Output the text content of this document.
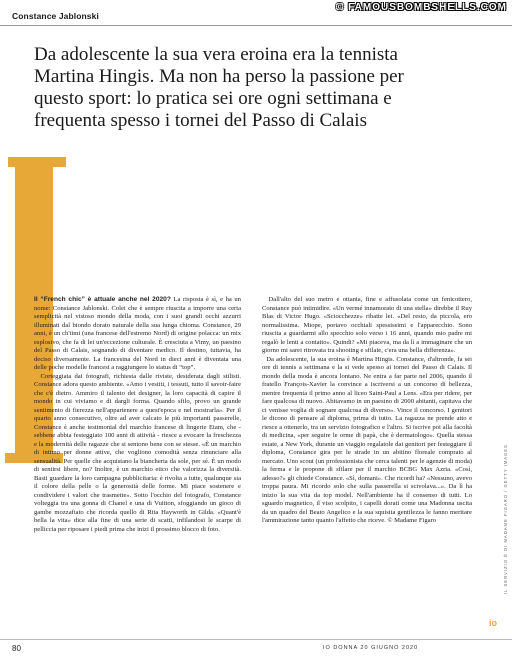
Constance Jablonski
© FAMOUSBOMBSHELLS.COM

Da adolescente la sua vera eroina era la tennista Martina Hingis. Ma non ha perso la passione per questo sport: lo pratica sei ore ogni settimana e frequenta spesso i tornei del Passo di Calais

Il “French chic” è attuale anche nel 2020? La risposta è sì, e ha un nome: Constance Jablonski. Colei che è sempre riuscita a imporre una certa semplicità nel vistoso mondo della moda, con i suoi grandi occhi azzurri illuminati dal biondo dorato naturale della sua lunga chioma. Constance, 29 anni, è un ch'timi (una francese dell'estremo Nord) di origine polacca: un mix esplosivo, che fa di lei un'eccezione culturale. È cresciuta a Vimy, un paesino del Passo di Calais, sognando di diventare medico. Il destino, tuttavia, ha deciso diversamente. La francesina del Nord in dieci anni è diventata una delle poche modelle francesi a raggiungere lo status di “top”.

Corteggiata dai fotografi, richiesta dalle riviste, desiderata dagli stilisti. Constance adora questo ambiente. «Amo i vestiti, i tessuti, tutto il savoir-faire che c'è dietro. Ammiro il talento dei designer, la loro capacità di capire il mondo in cui viviamo e di dargli forma. Quando sfilo, provo un grande sentimento di fierezza nell'appartenere a quest'epoca e nel mostrarla». Per il quarto anno consecutivo, oltre ad aver calcato le più importanti passerelle, Constance è anche testimonial del marchio francese di lingerie Etam, che - sebbene abbia festeggiato 100 anni di attività - riesce a evocare la freschezza e la modernità delle ragazze che si sentono bene con se stesse. «È un marchio di intimo per donne attive, che vogliono comodità senza rinunciare alla sensualità. Per quelle che acquistano la biancheria da sole, per sé. È un modo di sentirsi libere, no? Inoltre, è un marchio etico che valorizza la diversità. Basti guardare la loro campagna pubblicitaria: è rivolta a tutte, qualunque sia il colore della pelle o la generosità delle forme. Mi piace sostenere e condividere i valori che trasmette». Sotto l'occhio del fotografo, Constance volteggia tra una gonna di Chanel e una di Vuitton, sfoggiando un gioco di gambe mozzafiato che ricorda quello di Rita Hayworth in Gilda. «Quant'è bella la vita» dice alla fine di una serie di scatti, infilandosi le scarpe di pelliccia per riposare i piedi prima che inizi il prossimo blocco di foto.

Dall'alto del suo metro e ottanta, fine e affusolata come un fenicottero, Constance può intimidire. «Un vermé innamorato di una stella» direbbe il Ruy Blas di Victor Hugo. «Sciocchezze» ribatte lei. «Del resto, da piccola, ero normalissima. Miope, portavo occhiali spessissimi e l'apparecchio. Sono riuscita a guardarmi allo specchio solo verso i 16 anni, quando mio padre mi regalò le lenti a contatto». Quindi? «Mi piaceva, ma da lì a immaginare che un giorno mi sarei ritrovata tra shooting e sfilate, c'era una bella differenza».

Da adolescente, la sua eroina è Martina Hingis. Constance, d'altronde, fa sei ore di tennis a settimana e la si vede spesso ai tornei del Passo di Calais. Il mondo della moda è ancora lontano. Ne entra a far parte nel 2006, quando il fratello François-Xavier la convince a iscriversi a un concorso di bellezza, mentre frequenta il primo anno al liceo Saint-Paul a Lens. «Era per ridere, per fare qualcosa di nuovo. Abitavamo in un paesino di 2000 abitanti, capitava che ci venisse voglia di sognare qualcosa di diverso». Vince il concorso. I genitori le dicono di pensare al diploma, prima di tutto. La ragazza ne prende atto e riesce a ottenerlo, tra un servizio fotografico e l'altro. Si iscrive poi alla facoltà di medicina, «per seguire le orme di papà, che è dermatologo». Quella stessa estate, a New York, durante un viaggio regalatole dai genitori per festeggiare il diploma, Constance gira per le strade in un abitino floreale comprato al mercato. Uno scout (un professionista che cerca talenti per le agenzie di moda) la ferma e le propone di sfilare per il marchio BCBG Max Azria. «Così, adesso?» gli chiede Constance. «Sì, domani». Che ricordi ha? «Nessuno, avevo troppa paura. Mi ricordo solo che sulla passerella si scivolava...». Da lì ha inizio la sua vita da top model. Nell'ambiente ha il consenso di tutti. Lo sguardo magnetico, il viso scolpito, i capelli dorati come una Madonna uscita da un quadro del Beato Angelico e la sua squisita gentilezza le fanno meritare l'ammirazione tanto quanto l'affetto che riceve. © Madame Figaro	IL SERVIZIO È DI MADAME FIGARO / GETTY IMAGES
io
80	IO DONNA 20 GIUGNO 2020
